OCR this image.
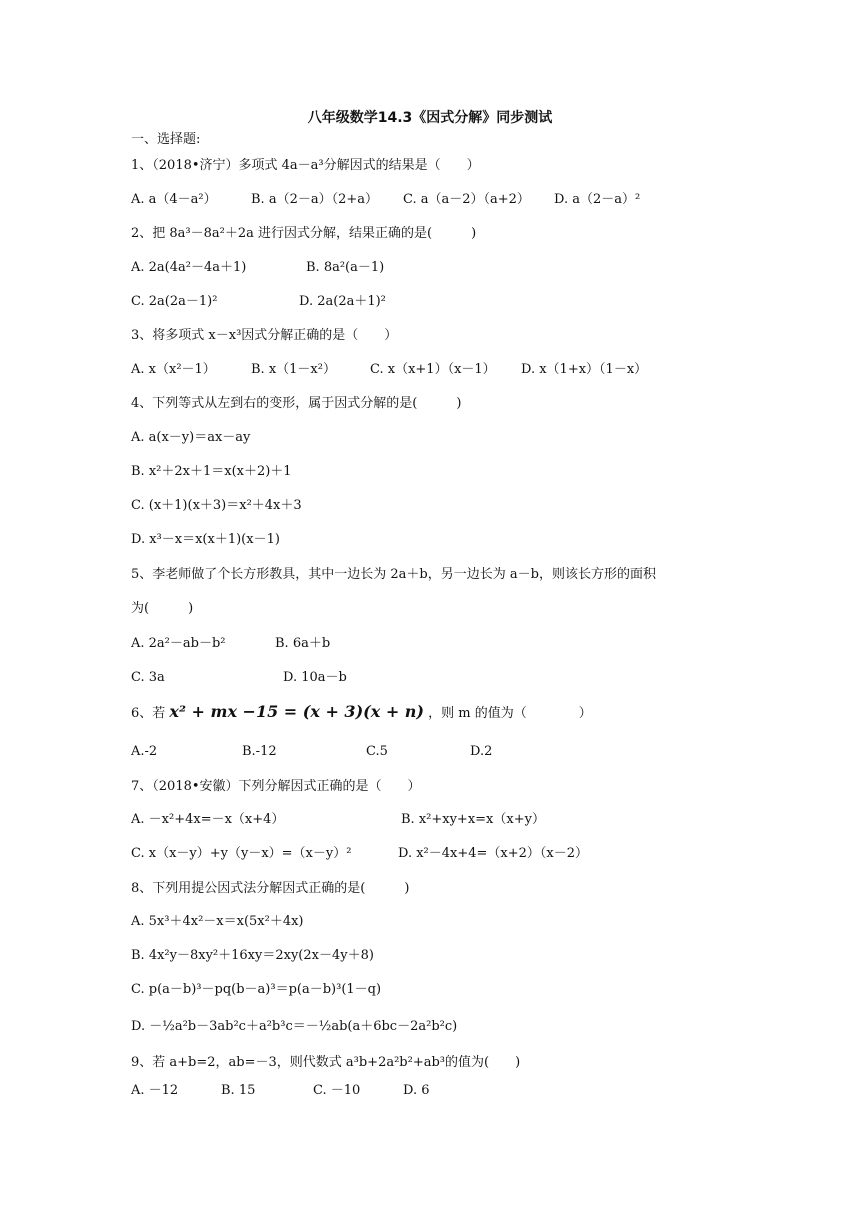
八年级数学14.3《因式分解》同步测试
一、选择题:
1、（2018•济宁）多项式 4a－a³分解因式的结果是（　　）
A. a（4－a²）	B. a（2－a）（2+a） C. a（a－2）（a+2） D. a（2－a）²
2、把 8a³－8a²＋2a 进行因式分解，结果正确的是(　　　)
A. 2a(4a²－4a＋1)	B. 8a²(a－1)
C. 2a(2a－1)²	D. 2a(2a＋1)²
3、将多项式 x－x³因式分解正确的是（　　）
A. x（x²－1）	B. x（1－x²）	C. x（x+1）（x－1） D. x（1+x）（1－x）
4、下列等式从左到右的变形，属于因式分解的是(　　　)
A. a(x－y)＝ax－ay
B. x²＋2x＋1＝x(x＋2)＋1
C. (x＋1)(x＋3)＝x²＋4x＋3
D. x³－x＝x(x＋1)(x－1)
5、李老师做了个长方形教具，其中一边长为 2a＋b，另一边长为 a－b，则该长方形的面积
为(　　　)
A. 2a²－ab－b²	B. 6a＋b
C. 3a	D. 10a－b
6、若 x² + mx −15 = (x + 3)(x + n) ，则 m 的值为（　　　　）
A.-2	B.-12	C.5	D.2
7、（2018•安徽）下列分解因式正确的是（　　）
A. －x²+4x=－x（x+4）	B. x²+xy+x=x（x+y）
C. x（x－y）+y（y－x）=（x－y）²	D. x²－4x+4=（x+2）（x－2）
8、下列用提公因式法分解因式正确的是(　　　)
A. 5x³＋4x²－x＝x(5x²＋4x)
B. 4x²y－8xy²＋16xy＝2xy(2x－4y＋8)
C. p(a－b)³－pq(b－a)³＝p(a－b)³(1－q)
D. －½a²b－3ab²c＋a²b³c＝－½ab(a＋6bc－2a²b²c)
9、若 a+b=2，ab=－3，则代数式 a³b+2a²b²+ab³的值为(　　)
A. －12	B. 15	C. －10	D. 6
